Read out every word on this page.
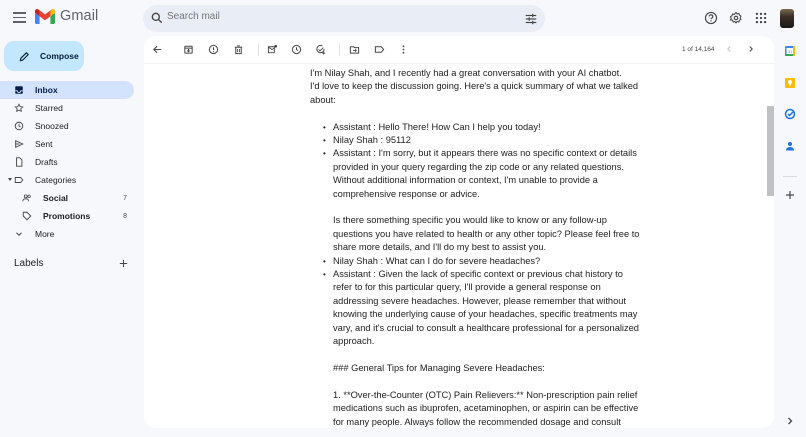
Gmail
Search mail
Compose
Inbox
Starred
Snoozed
Sent
Drafts
Categories
Social	7
Promotions	8
More
Labels
1 of 14,164

I'm Nilay Shah, and I recently had a great conversation with your AI chatbot.

I'd love to keep the discussion going. Here's a quick summary of what we talked about:

• Assistant : Hello There! How Can I help you today!
• Nilay Shah : 95112
• Assistant : I'm sorry, but it appears there was no specific context or details provided in your query regarding the zip code or any related questions. Without additional information or context, I'm unable to provide a comprehensive response or advice.

Is there something specific you would like to know or any follow-up questions you have related to health or any other topic? Please feel free to share more details, and I'll do my best to assist you.

• Nilay Shah : What can I do for severe headaches?
• Assistant : Given the lack of specific context or previous chat history to refer to for this particular query, I'll provide a general response on addressing severe headaches. However, please remember that without knowing the underlying cause of your headaches, specific treatments may vary, and it's crucial to consult a healthcare professional for a personalized approach.

### General Tips for Managing Severe Headaches:

1. **Over-the-Counter (OTC) Pain Relievers:** Non-prescription pain relief medications such as ibuprofen, acetaminophen, or aspirin can be effective for many people. Always follow the recommended dosage and consult

31
